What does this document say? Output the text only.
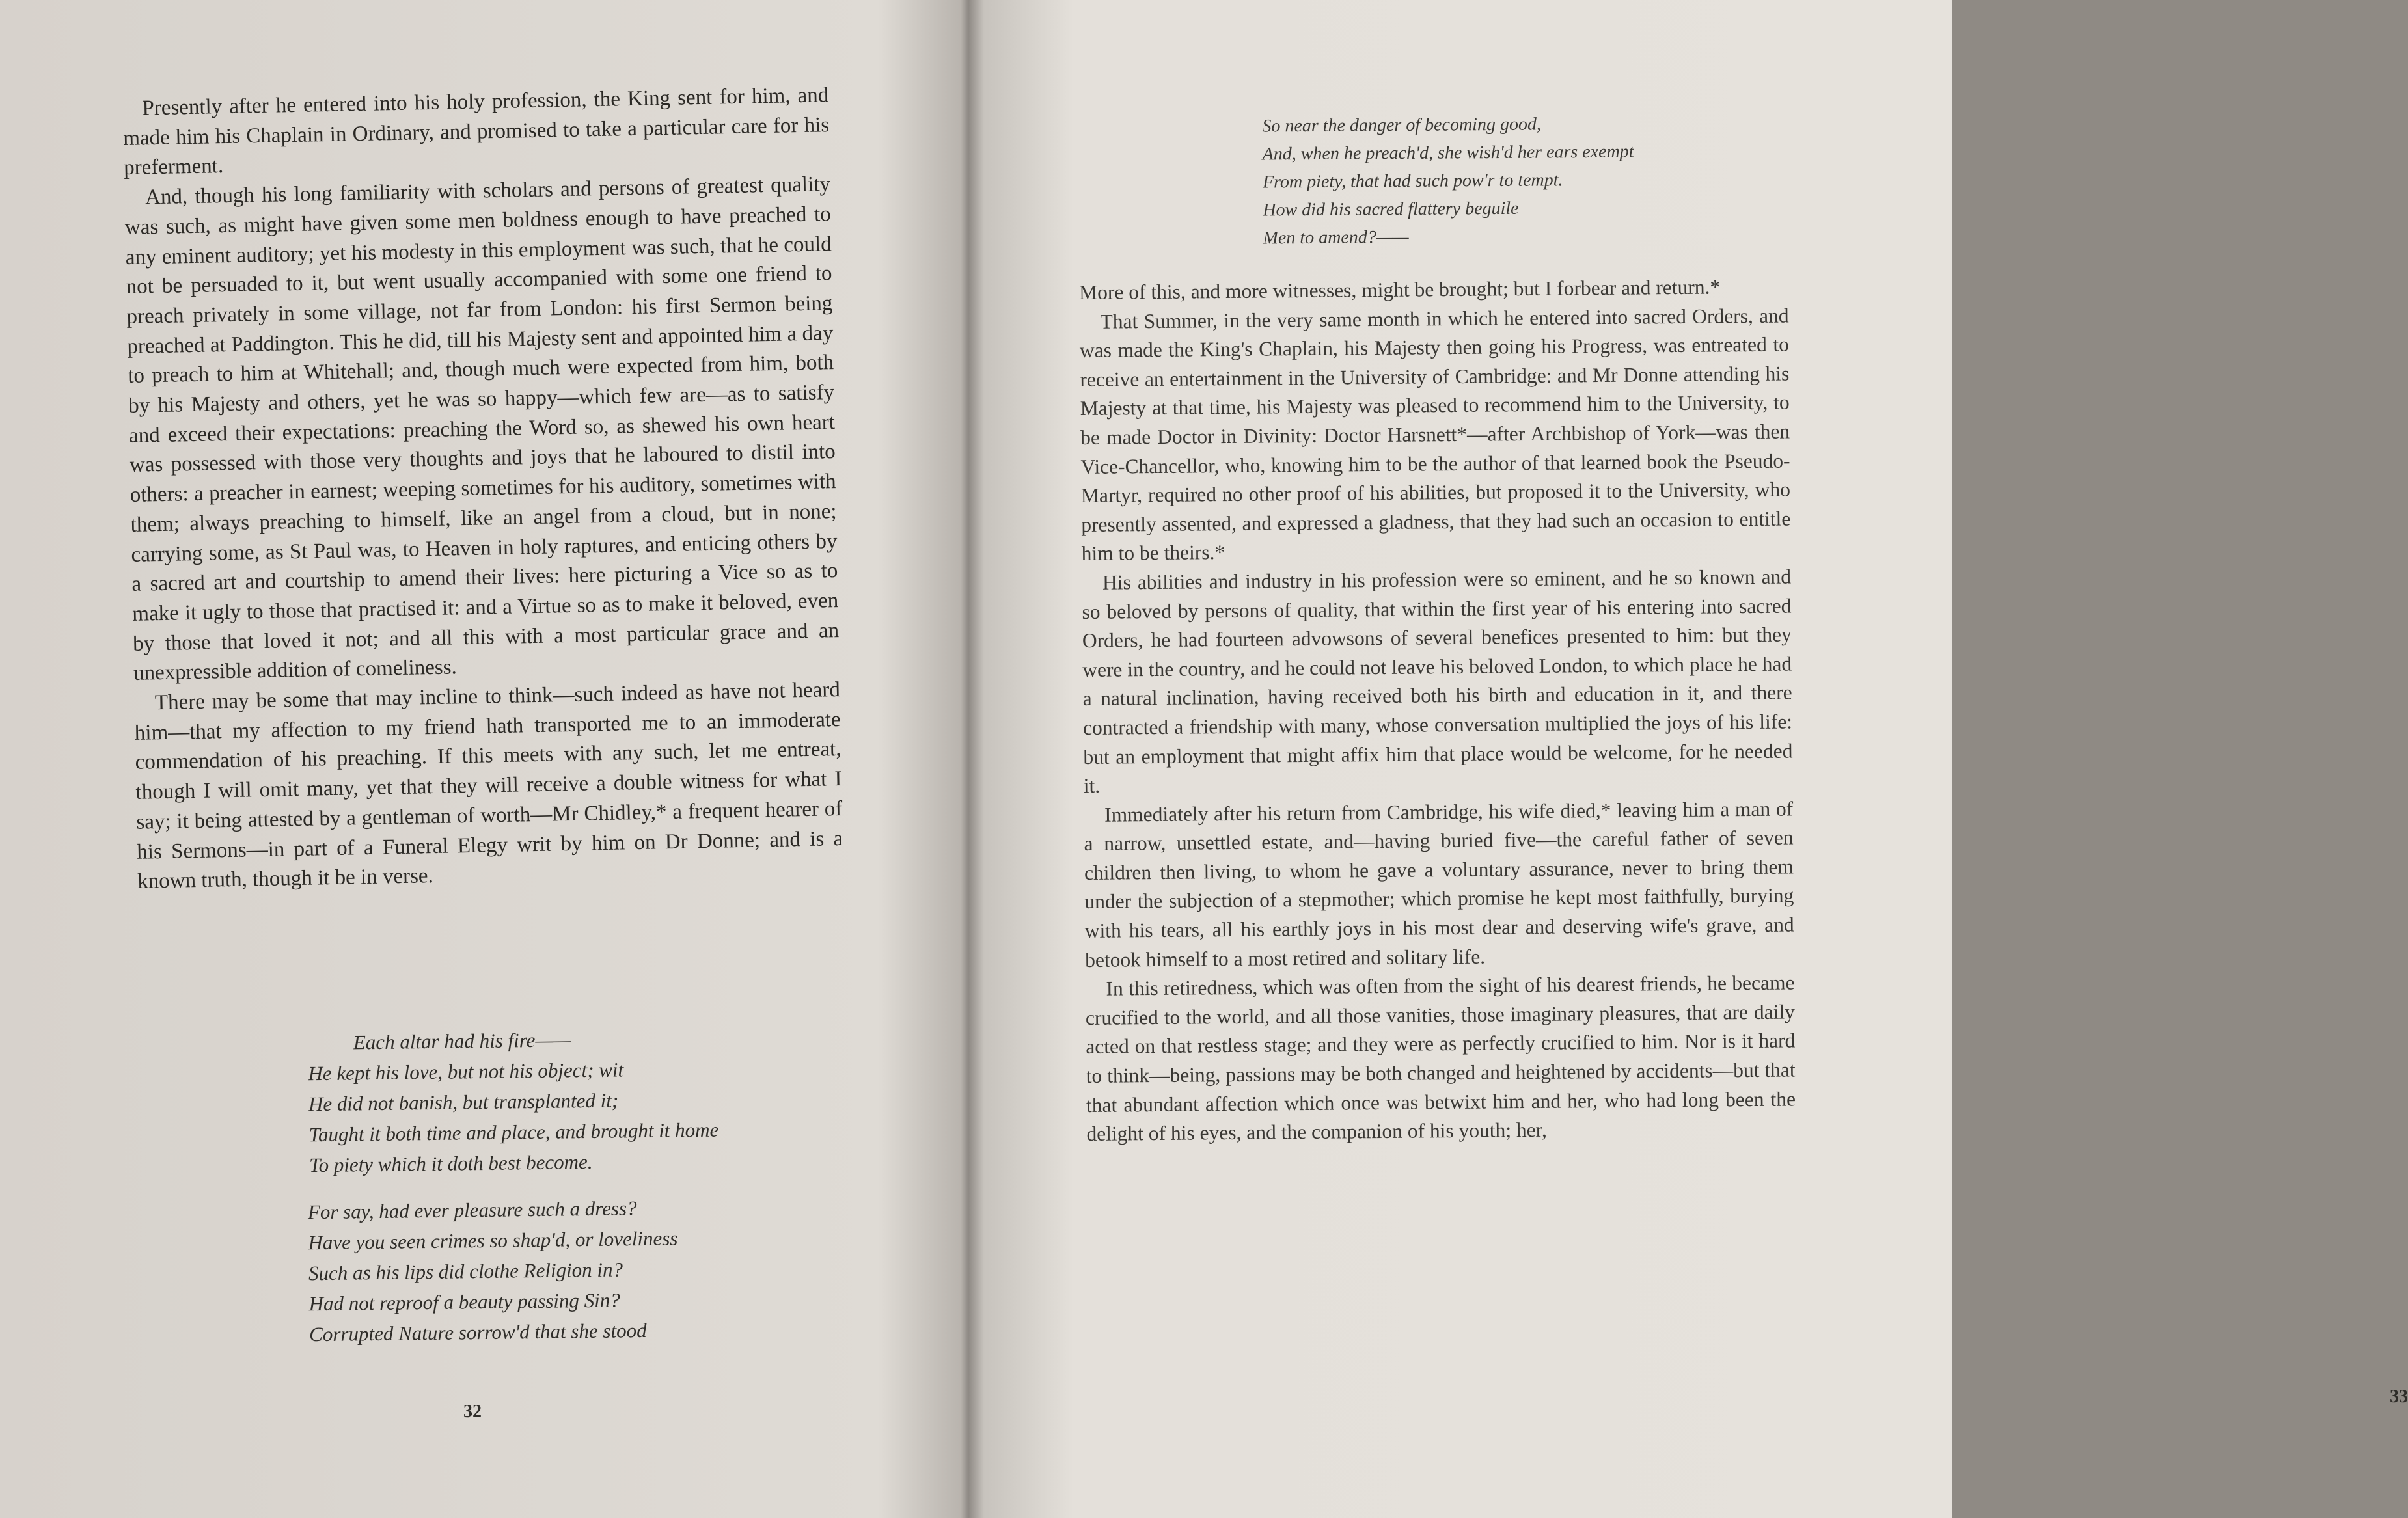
Presently after he entered into his holy profession, the King sent for him, and made him his Chaplain in Ordinary, and promised to take a particular care for his preferment.

And, though his long familiarity with scholars and persons of greatest quality was such, as might have given some men boldness enough to have preached to any eminent auditory; yet his modesty in this employment was such, that he could not be persuaded to it, but went usually accompanied with some one friend to preach privately in some village, not far from London: his first Sermon being preached at Paddington. This he did, till his Majesty sent and appointed him a day to preach to him at Whitehall; and, though much were expected from him, both by his Majesty and others, yet he was so happy—which few are—as to satisfy and exceed their expectations: preaching the Word so, as shewed his own heart was possessed with those very thoughts and joys that he laboured to distil into others: a preacher in earnest; weeping sometimes for his auditory, sometimes with them; always preaching to himself, like an angel from a cloud, but in none; carrying some, as St Paul was, to Heaven in holy raptures, and enticing others by a sacred art and courtship to amend their lives: here picturing a Vice so as to make it ugly to those that practised it: and a Virtue so as to make it beloved, even by those that loved it not; and all this with a most particular grace and an unexpressible addition of comeliness.

There may be some that may incline to think—such indeed as have not heard him—that my affection to my friend hath transported me to an immoderate commendation of his preaching. If this meets with any such, let me entreat, though I will omit many, yet that they will receive a double witness for what I say; it being attested by a gentleman of worth—Mr Chidley,* a frequent hearer of his Sermons—in part of a Funeral Elegy writ by him on Dr Donne; and is a known truth, though it be in verse.

Each altar had his fire——
He kept his love, but not his object; wit
He did not banish, but transplanted it;
Taught it both time and place, and brought it home
To piety which it doth best become.
For say, had ever pleasure such a dress?
Have you seen crimes so shap'd, or loveliness
Such as his lips did clothe Religion in?
Had not reproof a beauty passing Sin?
Corrupted Nature sorrow'd that she stood
32
So near the danger of becoming good,
And, when he preach'd, she wish'd her ears exempt
From piety, that had such pow'r to tempt.
How did his sacred flattery beguile
Men to amend?——

More of this, and more witnesses, might be brought; but I forbear and return.*

That Summer, in the very same month in which he entered into sacred Orders, and was made the King's Chaplain, his Majesty then going his Progress, was entreated to receive an entertainment in the University of Cambridge: and Mr Donne attending his Majesty at that time, his Majesty was pleased to recommend him to the University, to be made Doctor in Divinity: Doctor Harsnett*—after Archbishop of York—was then Vice-Chancellor, who, knowing him to be the author of that learned book the Pseudo-Martyr, required no other proof of his abilities, but proposed it to the University, who presently assented, and expressed a gladness, that they had such an occasion to entitle him to be theirs.*

His abilities and industry in his profession were so eminent, and he so known and so beloved by persons of quality, that within the first year of his entering into sacred Orders, he had fourteen advowsons of several benefices presented to him: but they were in the country, and he could not leave his beloved London, to which place he had a natural inclination, having received both his birth and education in it, and there contracted a friendship with many, whose conversation multiplied the joys of his life: but an employment that might affix him that place would be welcome, for he needed it.

Immediately after his return from Cambridge, his wife died,* leaving him a man of a narrow, unsettled estate, and—having buried five—the careful father of seven children then living, to whom he gave a voluntary assurance, never to bring them under the subjection of a stepmother; which promise he kept most faithfully, burying with his tears, all his earthly joys in his most dear and deserving wife's grave, and betook himself to a most retired and solitary life.

In this retiredness, which was often from the sight of his dearest friends, he became crucified to the world, and all those vanities, those imaginary pleasures, that are daily acted on that restless stage; and they were as perfectly crucified to him. Nor is it hard to think—being, passions may be both changed and heightened by accidents—but that that abundant affection which once was betwixt him and her, who had long been the delight of his eyes, and the companion of his youth; her,

33
